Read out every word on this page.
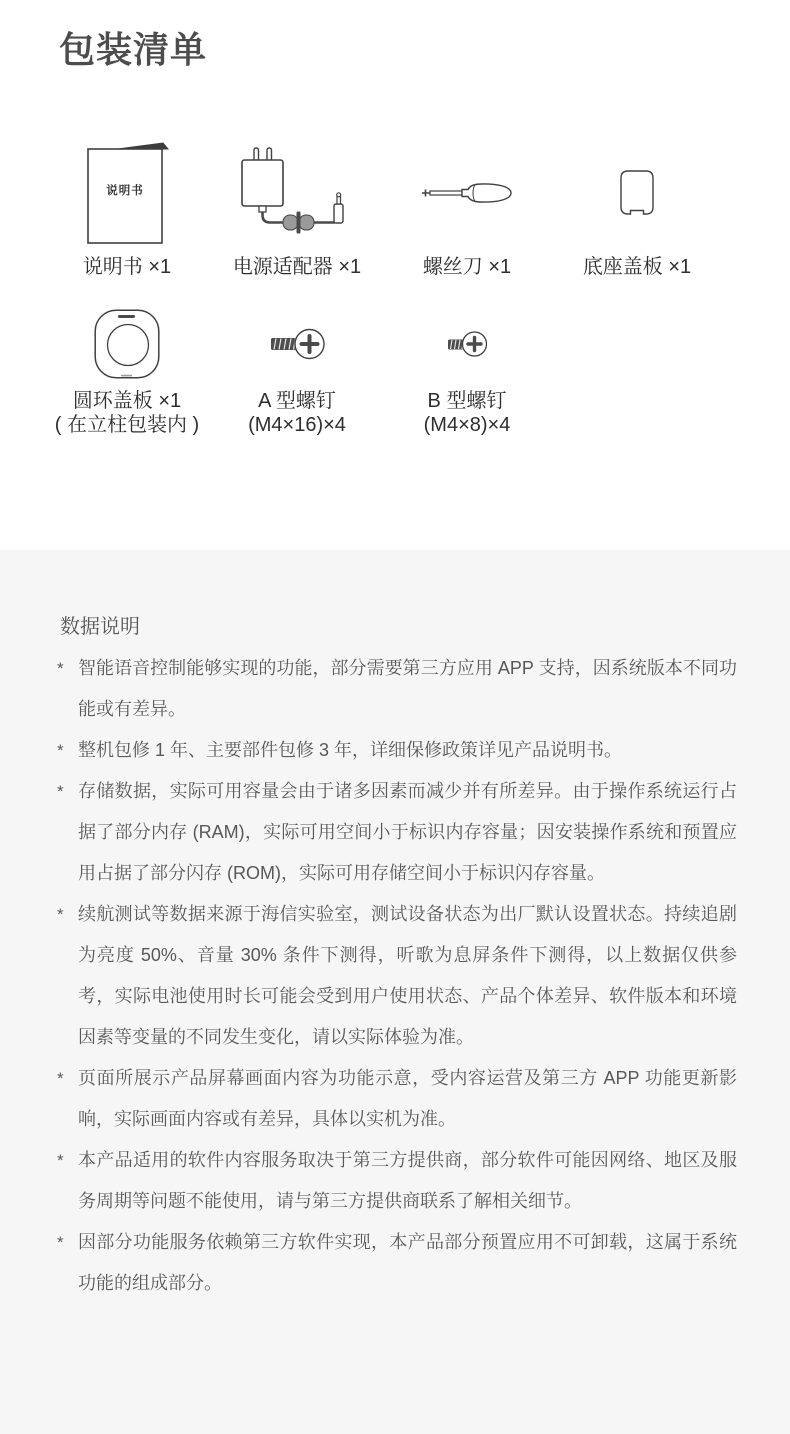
包装清单
说明书
说明书 ×1	电源适配器 ×1	螺丝刀 ×1	底座盖板 ×1
圆环盖板 ×1
( 在立柱包装内 )
A 型螺钉
(M4×16)×4
B 型螺钉
(M4×8)×4
数据说明
* 智能语音控制能够实现的功能，部分需要第三方应用 APP 支持，因系统版本不同功能或有差异。
* 整机包修 1 年、主要部件包修 3 年，详细保修政策详见产品说明书。
* 存储数据，实际可用容量会由于诸多因素而减少并有所差异。由于操作系统运行占据了部分内存 (RAM)，实际可用空间小于标识内存容量；因安装操作系统和预置应用占据了部分闪存 (ROM)，实际可用存储空间小于标识闪存容量。
* 续航测试等数据来源于海信实验室，测试设备状态为出厂默认设置状态。持续追剧为亮度 50%、音量 30% 条件下测得，听歌为息屏条件下测得，以上数据仅供参考，实际电池使用时长可能会受到用户使用状态、产品个体差异、软件版本和环境因素等变量的不同发生变化，请以实际体验为准。
* 页面所展示产品屏幕画面内容为功能示意，受内容运营及第三方 APP 功能更新影响，实际画面内容或有差异，具体以实机为准。
* 本产品适用的软件内容服务取决于第三方提供商，部分软件可能因网络、地区及服务周期等问题不能使用，请与第三方提供商联系了解相关细节。
* 因部分功能服务依赖第三方软件实现，本产品部分预置应用不可卸载，这属于系统功能的组成部分。
